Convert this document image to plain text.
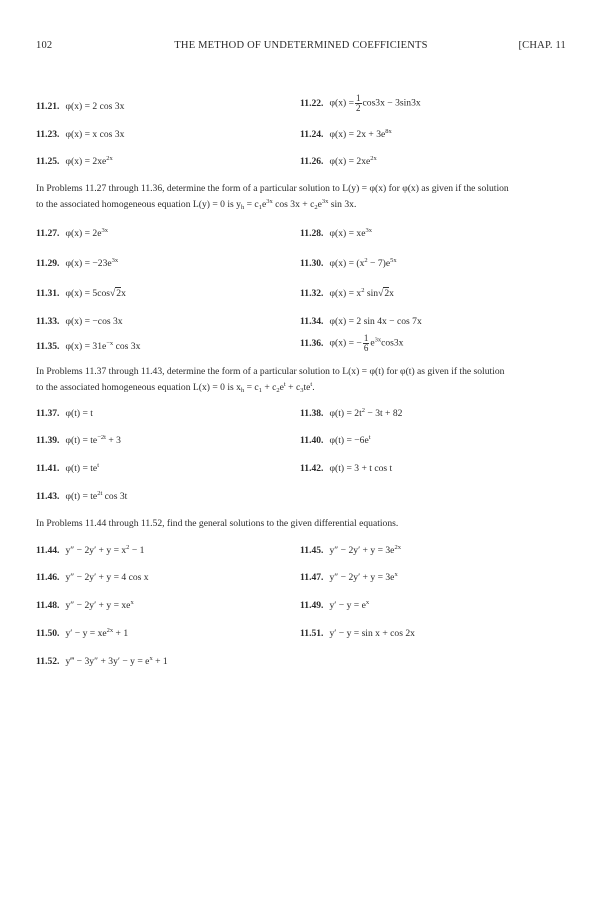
102	THE METHOD OF UNDETERMINED COEFFICIENTS	[CHAP. 11
11.21. φ(x) = 2 cos 3x	11.22. $\varphi(x) = \frac{1}{2} \cos 3x - 3\sin 3x$
11.23. φ(x) = x cos 3x	11.24. $\varphi(x) = 2x + 3e^{8x}$
11.25. $\varphi(x) = 2xe^{2x}$	11.26. $\varphi(x) = 2xe^{2x}$
In Problems 11.27 through 11.36, determine the form of a particular solution to L(y) = φ(x) for φ(x) as given if the solution
to the associated homogeneous equation L(y) = 0 is $y_h = c_1e^{3x}$ $\cos 3x + c_2e^{3x}$ sin 3x.
11.27. $\varphi(x) = 2e^{3x}$	11.28. $\varphi(x) = xe^{3x}$
11.29. $\varphi(x) = -23e^{3x}$	11.30. $\varphi(x) = (x^2 - 7)e^{5x}$
11.31. φ(x) = 5cos√2x	11.32. $\varphi(x) = x^2$ sin√2x
11.33. φ(x) = −cos 3x	11.34. φ(x) = 2 sin 4x − cos 7x
11.35. $\varphi(x) = 31e^{-x}$ cos 3x	11.36. φ(x) = − $\frac{1}{6} e^{3x}\cos 3x$
In Problems 11.37 through 11.43, determine the form of a particular solution to L(x) = φ(t) for φ(t) as given if the solution
to the associated homogeneous equation L(x) = 0 is $x_h = c_1 + c_2e^t + c_3te^t$.
11.37. φ(t) = t	11.38. $\varphi(t) = 2t^2 - 3t + 82$
11.39. $\varphi(t) = te^{-2t} + 3$	11.40. $\varphi(t) = -6e^t$
11.41. $\varphi(t) = te^t$	11.42. φ(t) = 3 + t cos t
11.43. $\varphi(t) = te^{2t}$ cos 3t
In Problems 11.44 through 11.52, find the general solutions to the given differential equations.
11.44. $y'' - 2y' + y = x^2 - 1$	11.45. $y'' - 2y' + y = 3e^{2x}$
11.46. y″ − 2y′ + y = 4 cos x	11.47. $y'' - 2y' + y = 3e^x$
11.48. $y'' - 2y' + y = xe^x$	11.49. $y' - y = e^x$
11.50. $y' - y = xe^{2x} + 1$	11.51. y′ − y = sin x + cos 2x
11.52. y‴ − $3y'' + 3y' - y = e^x + 1$
